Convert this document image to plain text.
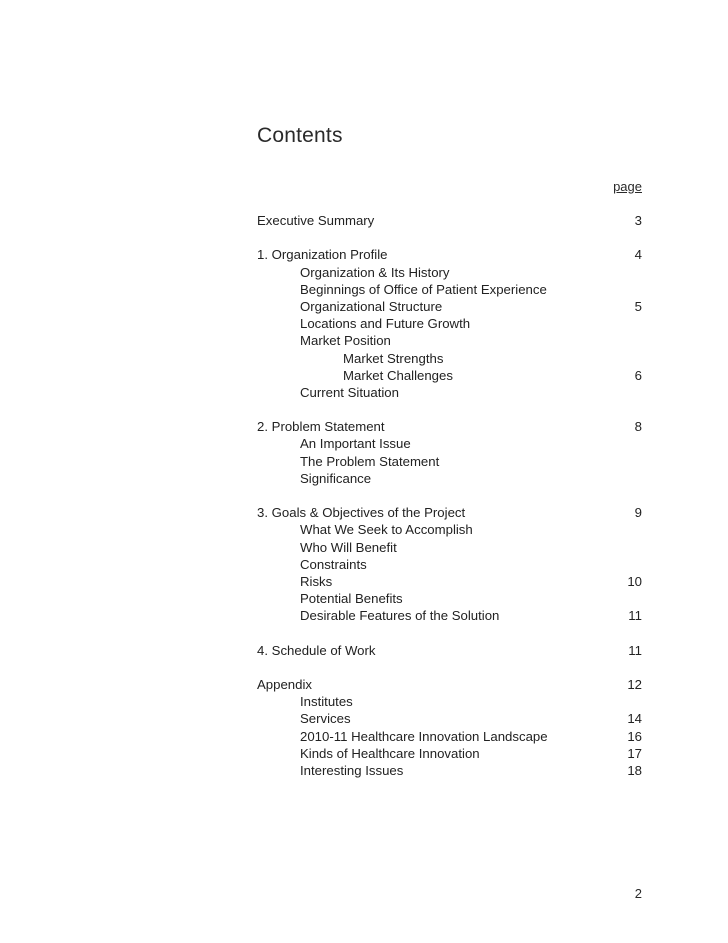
Contents
page
Executive Summary	3
1. Organization Profile	4
Organization & Its History
Beginnings of Office of Patient Experience
Organizational Structure	5
Locations and Future Growth
Market Position
Market Strengths
Market Challenges	6
Current Situation
2. Problem Statement	8
An Important Issue
The Problem Statement
Significance
3. Goals & Objectives of the Project	9
What We Seek to Accomplish
Who Will Benefit
Constraints
Risks	10
Potential Benefits
Desirable Features of the Solution	11
4. Schedule of Work	11
Appendix	12
Institutes
Services	14
2010-11 Healthcare Innovation Landscape	16
Kinds of Healthcare Innovation	17
Interesting Issues	18
2
